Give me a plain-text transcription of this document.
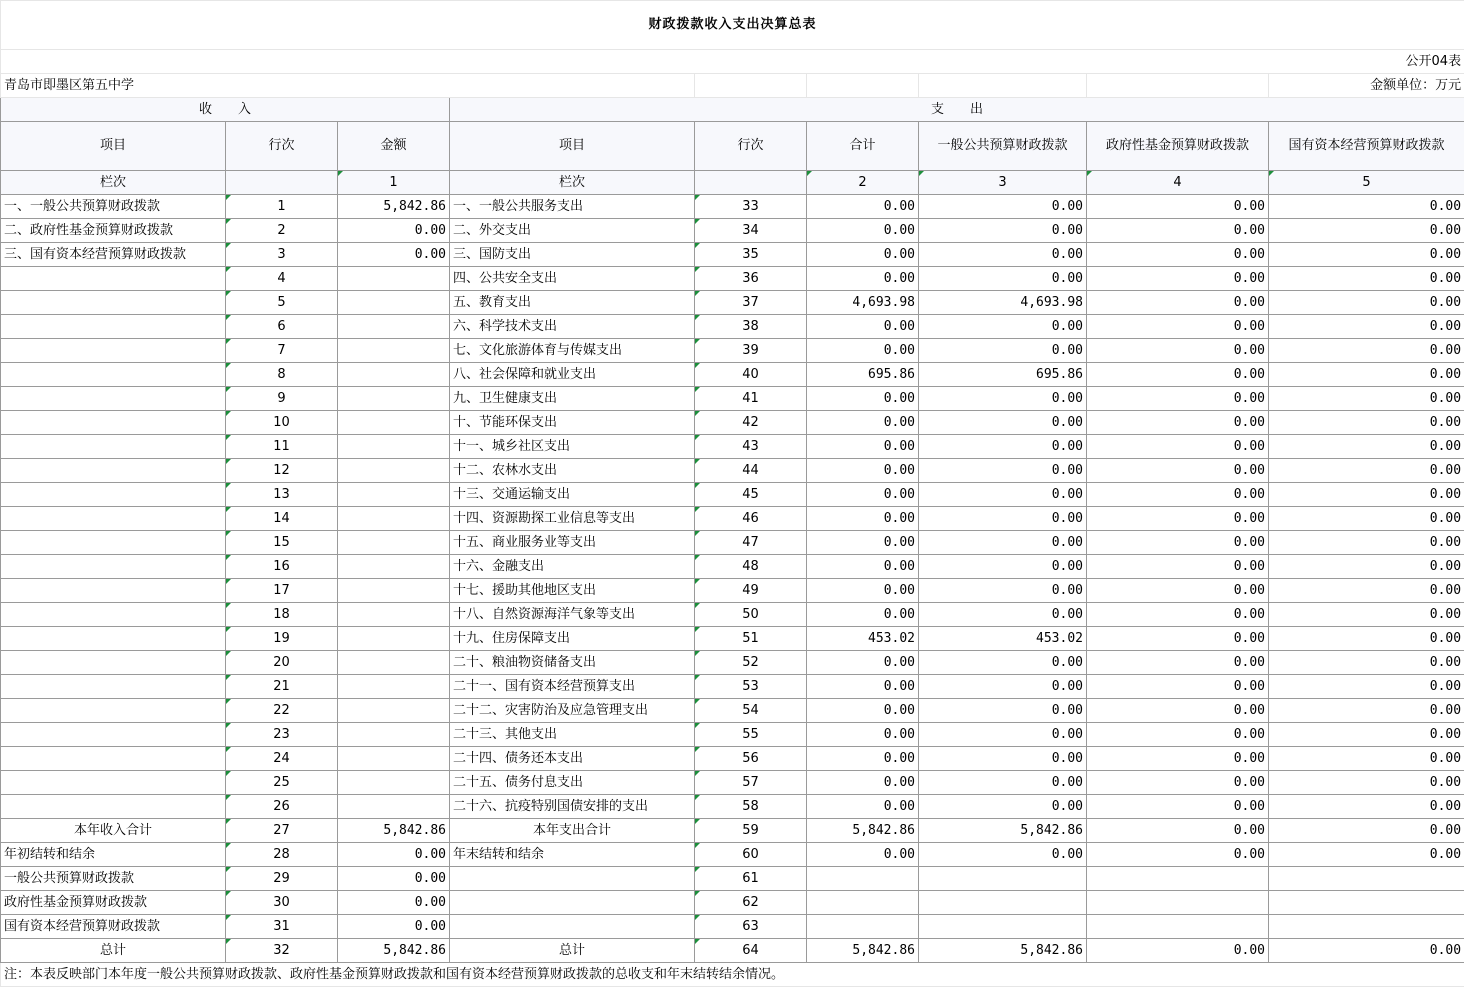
财政拨款收入支出决算总表								
公开04表								
青岛市即墨区第五中学								金额单位：万元
收　　入			支　　出					
项目	行次	金额	项目	行次	合计	一般公共预算财政拨款	政府性基金预算财政拨款	国有资本经营预算财政拨款
栏次		1	栏次		2	3	4	5
一、一般公共预算财政拨款	1	5,842.86	一、一般公共服务支出	33	0.00	0.00	0.00	0.00
二、政府性基金预算财政拨款	2	0.00	二、外交支出	34	0.00	0.00	0.00	0.00
三、国有资本经营预算财政拨款	3	0.00	三、国防支出	35	0.00	0.00	0.00	0.00
	4		四、公共安全支出	36	0.00	0.00	0.00	0.00
	5		五、教育支出	37	4,693.98	4,693.98	0.00	0.00
	6		六、科学技术支出	38	0.00	0.00	0.00	0.00
	7		七、文化旅游体育与传媒支出	39	0.00	0.00	0.00	0.00
	8		八、社会保障和就业支出	40	695.86	695.86	0.00	0.00
	9		九、卫生健康支出	41	0.00	0.00	0.00	0.00
	10		十、节能环保支出	42	0.00	0.00	0.00	0.00
	11		十一、城乡社区支出	43	0.00	0.00	0.00	0.00
	12		十二、农林水支出	44	0.00	0.00	0.00	0.00
	13		十三、交通运输支出	45	0.00	0.00	0.00	0.00
	14		十四、资源勘探工业信息等支出	46	0.00	0.00	0.00	0.00
	15		十五、商业服务业等支出	47	0.00	0.00	0.00	0.00
	16		十六、金融支出	48	0.00	0.00	0.00	0.00
	17		十七、援助其他地区支出	49	0.00	0.00	0.00	0.00
	18		十八、自然资源海洋气象等支出	50	0.00	0.00	0.00	0.00
	19		十九、住房保障支出	51	453.02	453.02	0.00	0.00
	20		二十、粮油物资储备支出	52	0.00	0.00	0.00	0.00
	21		二十一、国有资本经营预算支出	53	0.00	0.00	0.00	0.00
	22		二十二、灾害防治及应急管理支出	54	0.00	0.00	0.00	0.00
	23		二十三、其他支出	55	0.00	0.00	0.00	0.00
	24		二十四、债务还本支出	56	0.00	0.00	0.00	0.00
	25		二十五、债务付息支出	57	0.00	0.00	0.00	0.00
	26		二十六、抗疫特别国债安排的支出	58	0.00	0.00	0.00	0.00
本年收入合计	27	5,842.86	本年支出合计	59	5,842.86	5,842.86	0.00	0.00
年初结转和结余	28	0.00	年末结转和结余	60	0.00	0.00	0.00	0.00
一般公共预算财政拨款	29	0.00		61				
政府性基金预算财政拨款	30	0.00		62				
国有资本经营预算财政拨款	31	0.00		63				
总计	32	5,842.86	总计	64	5,842.86	5,842.86	0.00	0.00
注：本表反映部门本年度一般公共预算财政拨款、政府性基金预算财政拨款和国有资本经营预算财政拨款的总收支和年末结转结余情况。								
